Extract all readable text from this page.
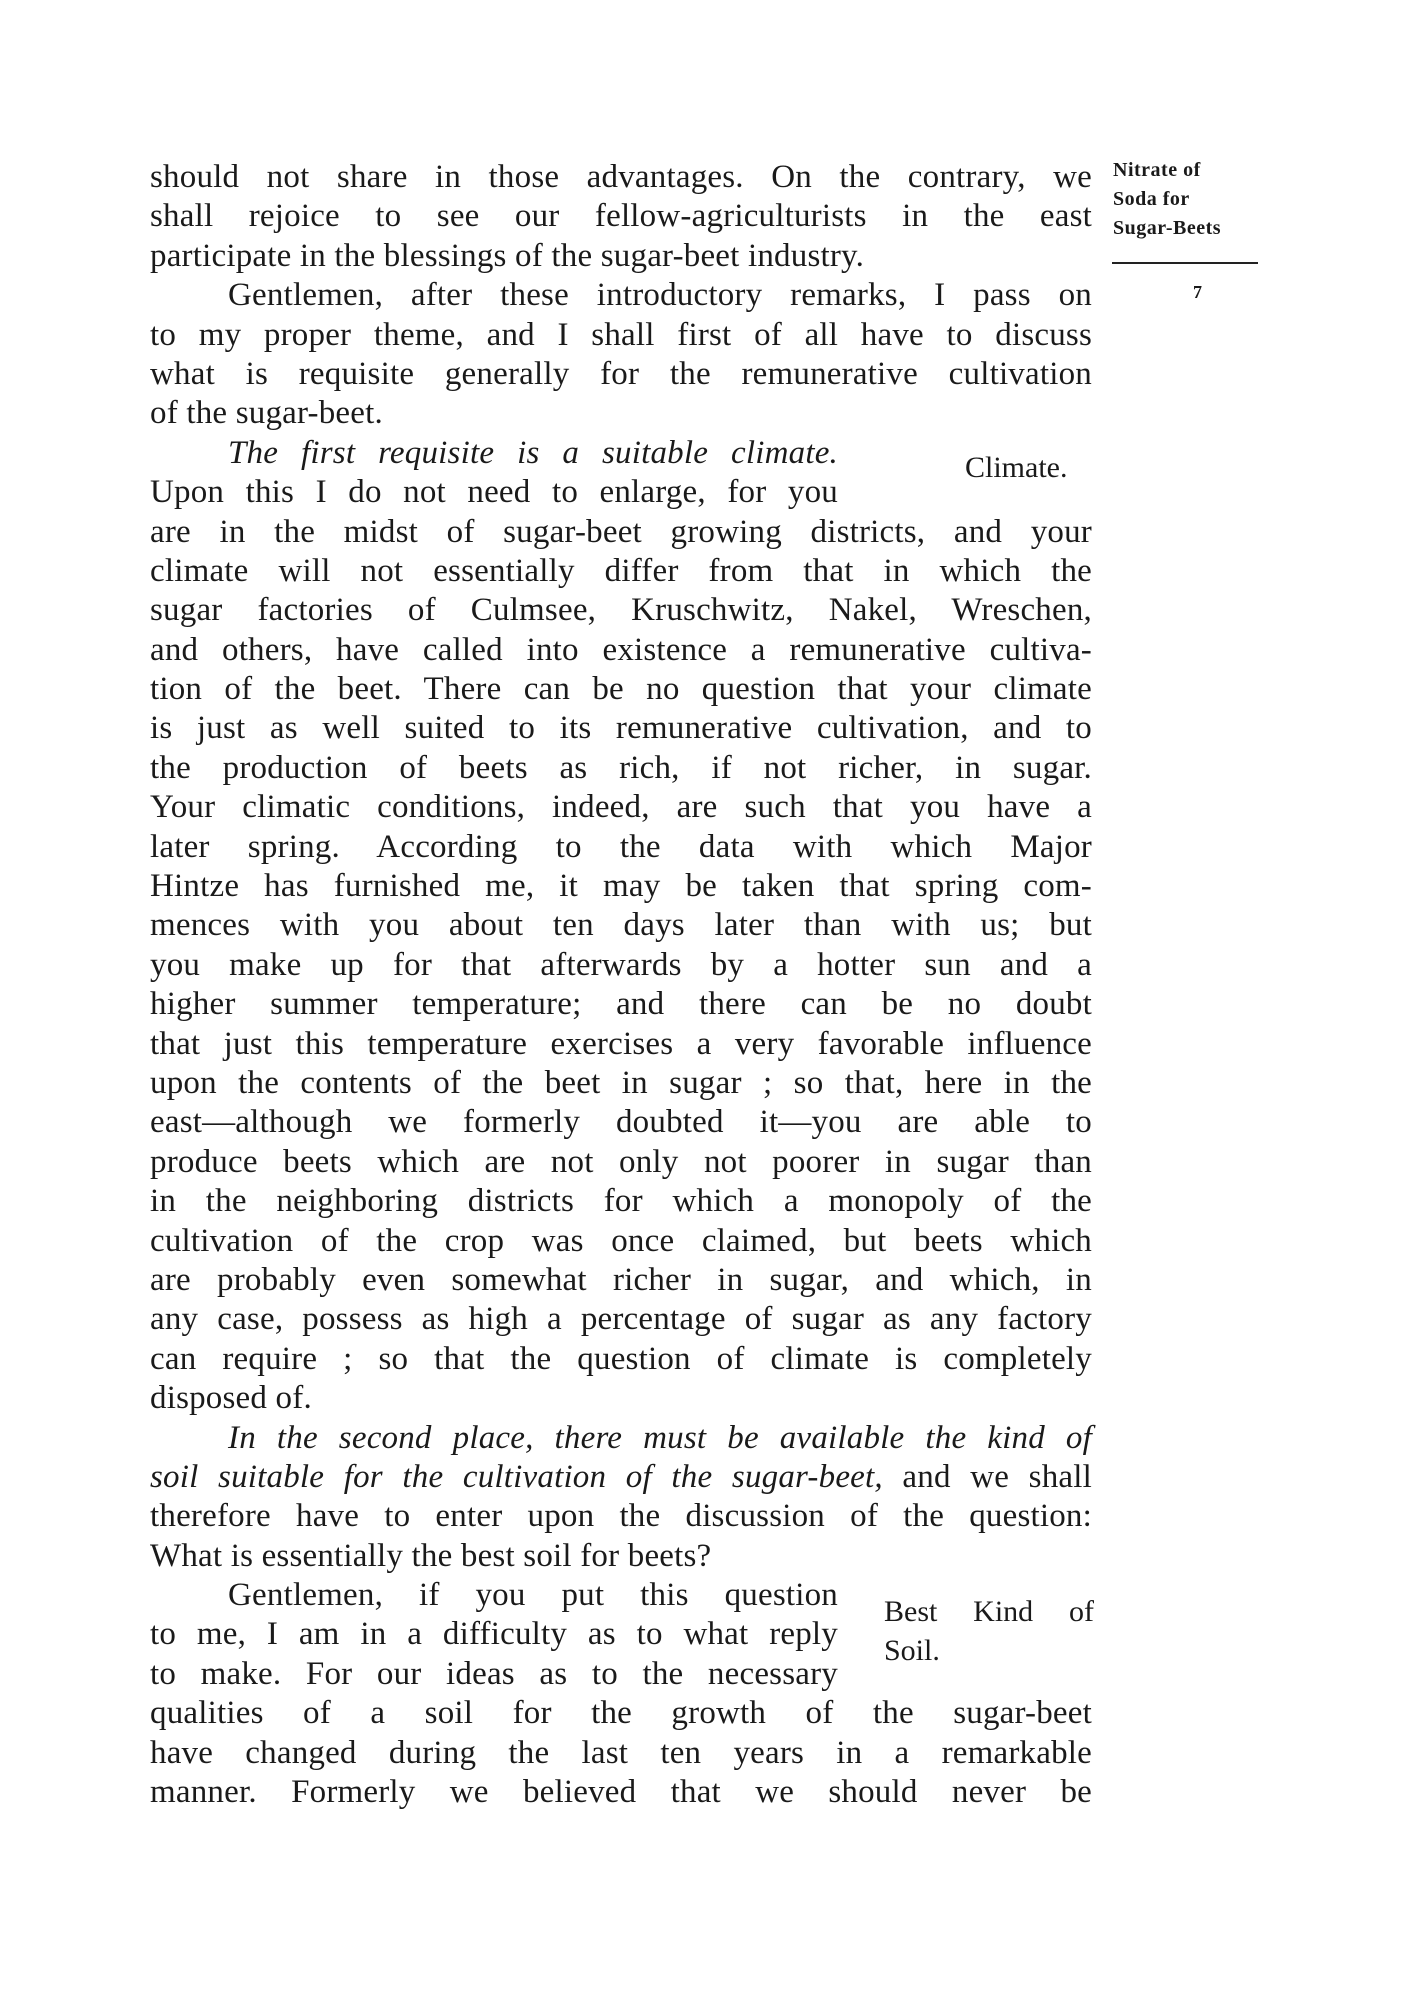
Nitrate of
Soda for
Sugar-Beets
7
Climate.
Best Kind of
Soil.
should not share in those advantages. On the contrary, we
shall rejoice to see our fellow-agriculturists in the east
participate in the blessings of the sugar-beet industry.
Gentlemen, after these introductory remarks, I pass on
to my proper theme, and I shall first of all have to discuss
what is requisite generally for the remunerative cultivation
of the sugar-beet.
The first requisite is a suitable climate.
Upon this I do not need to enlarge, for you
are in the midst of sugar-beet growing districts, and your
climate will not essentially differ from that in which the
sugar factories of Culmsee, Kruschwitz, Nakel, Wreschen,
and others, have called into existence a remunerative cultiva-
tion of the beet. There can be no question that your climate
is just as well suited to its remunerative cultivation, and to
the production of beets as rich, if not richer, in sugar.
Your climatic conditions, indeed, are such that you have a
later spring. According to the data with which Major
Hintze has furnished me, it may be taken that spring com-
mences with you about ten days later than with us; but
you make up for that afterwards by a hotter sun and a
higher summer temperature; and there can be no doubt
that just this temperature exercises a very favorable influence
upon the contents of the beet in sugar ; so that, here in the
east—although we formerly doubted it—you are able to
produce beets which are not only not poorer in sugar than
in the neighboring districts for which a monopoly of the
cultivation of the crop was once claimed, but beets which
are probably even somewhat richer in sugar, and which, in
any case, possess as high a percentage of sugar as any factory
can require ; so that the question of climate is completely
disposed of.
In the second place, there must be available the kind of
soil suitable for the cultivation of the sugar-beet, and we shall
therefore have to enter upon the discussion of the question:
What is essentially the best soil for beets?
Gentlemen, if you put this question
to me, I am in a difficulty as to what reply
to make. For our ideas as to the necessary
qualities of a soil for the growth of the sugar-beet
have changed during the last ten years in a remarkable
manner. Formerly we believed that we should never be
